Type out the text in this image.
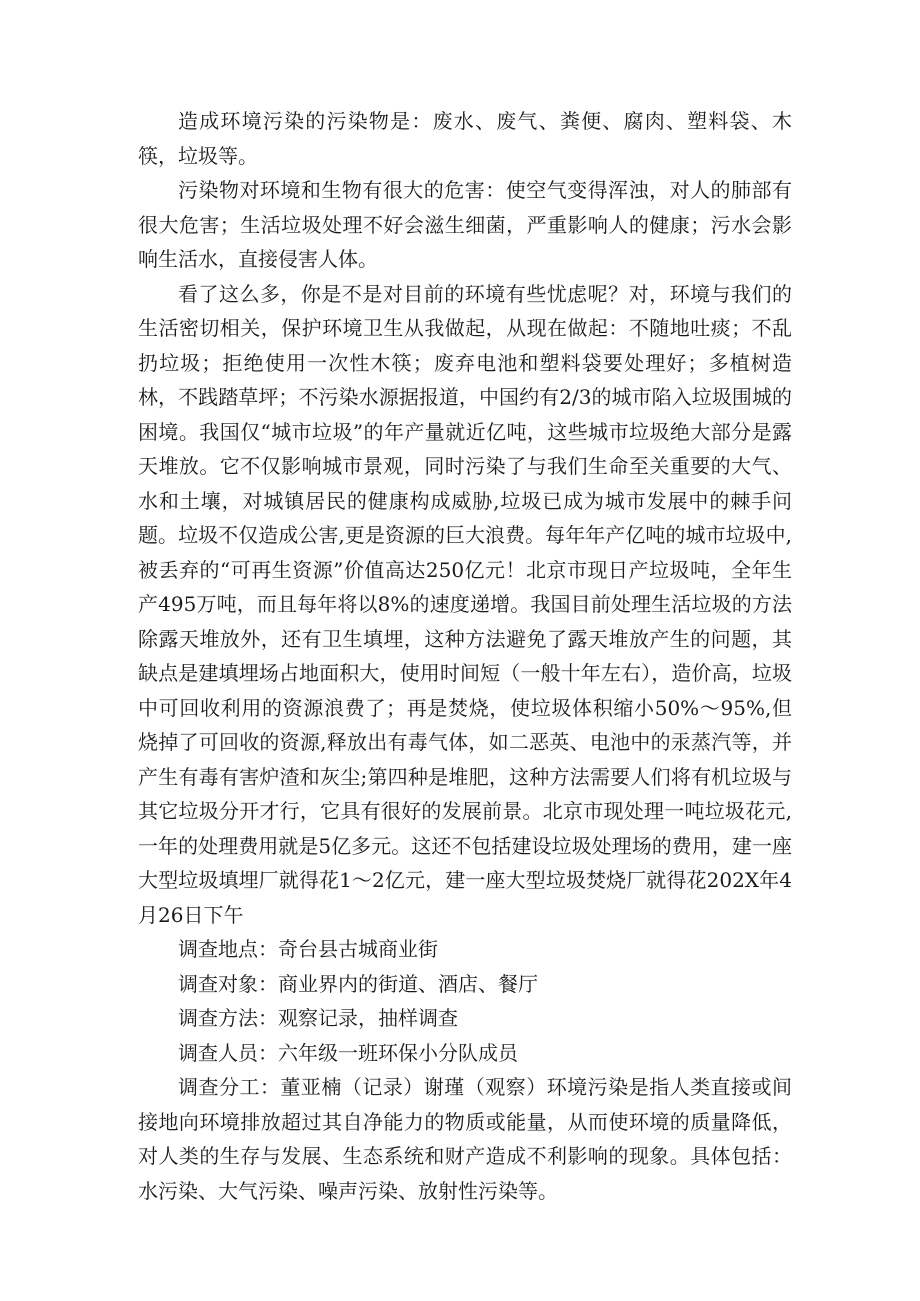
造成环境污染的污染物是：废水、废气、粪便、腐肉、塑料袋、木筷，垃圾等。

污染物对环境和生物有很大的危害：使空气变得浑浊，对人的肺部有很大危害；生活垃圾处理不好会滋生细菌，严重影响人的健康；污水会影响生活水，直接侵害人体。

看了这么多，你是不是对目前的环境有些忧虑呢？对，环境与我们的生活密切相关，保护环境卫生从我做起，从现在做起：不随地吐痰；不乱扔垃圾；拒绝使用一次性木筷；废弃电池和塑料袋要处理好；多植树造林，不践踏草坪；不污染水源据报道，中国约有2/3的城市陷入垃圾围城的困境。我国仅“城市垃圾”的年产量就近亿吨，这些城市垃圾绝大部分是露天堆放。它不仅影响城市景观，同时污染了与我们生命至关重要的大气、水和土壤，对城镇居民的健康构成威胁,垃圾已成为城市发展中的棘手问题。垃圾不仅造成公害,更是资源的巨大浪费。每年年产亿吨的城市垃圾中,被丢弃的“可再生资源”价值高达250亿元！北京市现日产垃圾吨，全年生产495万吨，而且每年将以8%的速度递增。我国目前处理生活垃圾的方法除露天堆放外，还有卫生填埋，这种方法避免了露天堆放产生的问题，其缺点是建填埋场占地面积大，使用时间短（一般十年左右），造价高，垃圾中可回收利用的资源浪费了；再是焚烧，使垃圾体积缩小50%～95%,但烧掉了可回收的资源,释放出有毒气体，如二恶英、电池中的汞蒸汽等，并产生有毒有害炉渣和灰尘;第四种是堆肥，这种方法需要人们将有机垃圾与其它垃圾分开才行，它具有很好的发展前景。北京市现处理一吨垃圾花元,一年的处理费用就是5亿多元。这还不包括建设垃圾处理场的费用，建一座大型垃圾填埋厂就得花1～2亿元，建一座大型垃圾焚烧厂就得花202X年4月26日下午

调查地点：奇台县古城商业街

调查对象：商业界内的街道、酒店、餐厅

调查方法：观察记录，抽样调查

调查人员：六年级一班环保小分队成员

调查分工：董亚楠（记录）谢瑾（观察）环境污染是指人类直接或间接地向环境排放超过其自净能力的物质或能量，从而使环境的质量降低，对人类的生存与发展、生态系统和财产造成不利影响的现象。具体包括：水污染、大气污染、噪声污染、放射性污染等。
